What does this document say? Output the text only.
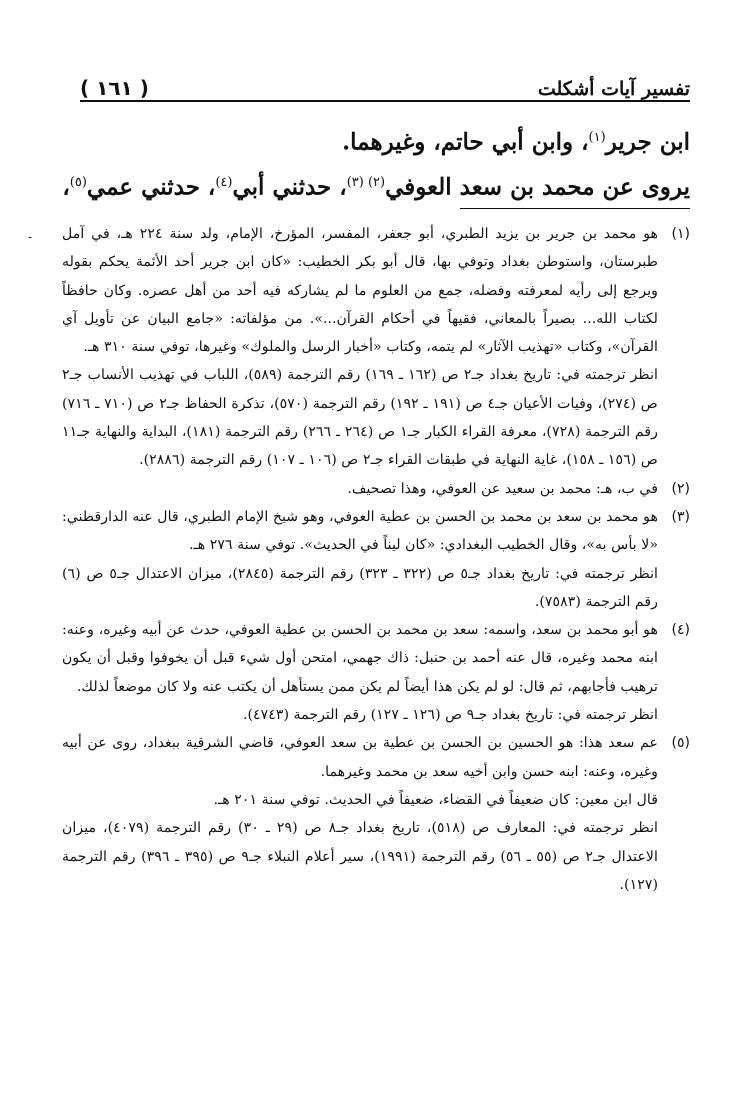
تفسير آيات أشكلت
( ١٦١ )
ابن جرير$^{(١)}$، وابن أبي حاتم، وغيرهما.
يروى عن محمد بن سعد العوفي$^{(٢) (٣)}$، حدثني أبي$^{(٤)}$، حدثني عمي$^{(٥)}$،
(١)

هو محمد بن جرير بن يزيد الطبري، أبو جعفر، المفسر، المؤرخ، الإمام، ولد سنة ٢٢٤ هـ، في آمل طبرستان، واستوطن بغداد وتوفي بها، قال أبو بكر الخطيب: «كان ابن جرير أحد الأئمة يحكم بقوله ويرجع إلى رأيه لمعرفته وفضله، جمع من العلوم ما لم يشاركه فيه أحد من أهل عصره. وكان حافظاً لكتاب الله... بصيراً بالمعاني، فقيهاً في أحكام القرآن...». من مؤلفاته: «جامع البيان عن تأويل آي القرآن»، وكتاب «تهذيب الآثار» لم يتمه، وكتاب «أخبار الرسل والملوك» وغيرها، توفي سنة ٣١٠ هـ.

انظر ترجمته في: تاريخ بغداد جـ٢ ص (١٦٢ ـ ١٦٩) رقم الترجمة (٥٨٩)، اللباب في تهذيب الأنساب جـ٢ ص (٢٧٤)، وفيات الأعيان جـ٤ ص (١٩١ ـ ١٩٢) رقم الترجمة (٥٧٠)، تذكرة الحفاظ جـ٢ ص (٧١٠ ـ ٧١٦) رقم الترجمة (٧٢٨)، معرفة القراء الكبار جـ١ ص (٢٦٤ ـ ٢٦٦) رقم الترجمة (١٨١)، البداية والنهاية جـ١١ ص (١٥٦ ـ ١٥٨)، غاية النهاية في طبقات القراء جـ٢ ص (١٠٦ ـ ١٠٧) رقم الترجمة (٢٨٨٦).

(٢)

في ب، هـ: محمد بن سعيد عن العوفي، وهذا تصحيف.

(٣)

هو محمد بن سعد بن محمد بن الحسن بن عطية العوفي، وهو شيخ الإمام الطبري، قال عنه الدارقطني: «لا بأس به»، وقال الخطيب البغدادي: «كان ليناً في الحديث». توفي سنة ٢٧٦ هـ.

انظر ترجمته في: تاريخ بغداد جـ٥ ص (٣٢٢ ـ ٣٢٣) رقم الترجمة (٢٨٤٥)، ميزان الاعتدال جـ٥ ص (٦) رقم الترجمة (٧٥٨٣).

(٤)

هو أبو محمد بن سعد، واسمه: سعد بن محمد بن الحسن بن عطية العوفي، حدث عن أبيه وغيره، وعنه: ابنه محمد وغيره، قال عنه أحمد بن حنبل: ذاك جهمي، امتحن أول شيء قبل أن يخوفوا وقبل أن يكون ترهيب فأجابهم، ثم قال: لو لم يكن هذا أيضاً لم يكن ممن يستأهل أن يكتب عنه ولا كان موضعاً لذلك.

انظر ترجمته في: تاريخ بغداد جـ٩ ص (١٢٦ ـ ١٢٧) رقم الترجمة (٤٧٤٣).

(٥)

عم سعد هذا: هو الحسين بن الحسن بن عطية بن سعد العوفي، قاضي الشرقية ببغداد، روى عن أبيه وغيره، وعنه: ابنه حسن وابن أخيه سعد بن محمد وغيرهما.

قال ابن معين: كان ضعيفاً في القضاء، ضعيفاً في الحديث. توفي سنة ٢٠١ هـ.

انظر ترجمته في: المعارف ص (٥١٨)، تاريخ بغداد جـ٨ ص (٢٩ ـ ٣٠) رقم الترجمة (٤٠٧٩)، ميزان الاعتدال جـ٢ ص (٥٥ ـ ٥٦) رقم الترجمة (١٩٩١)، سير أعلام النبلاء جـ٩ ص (٣٩٥ ـ ٣٩٦) رقم الترجمة (١٢٧).

-
